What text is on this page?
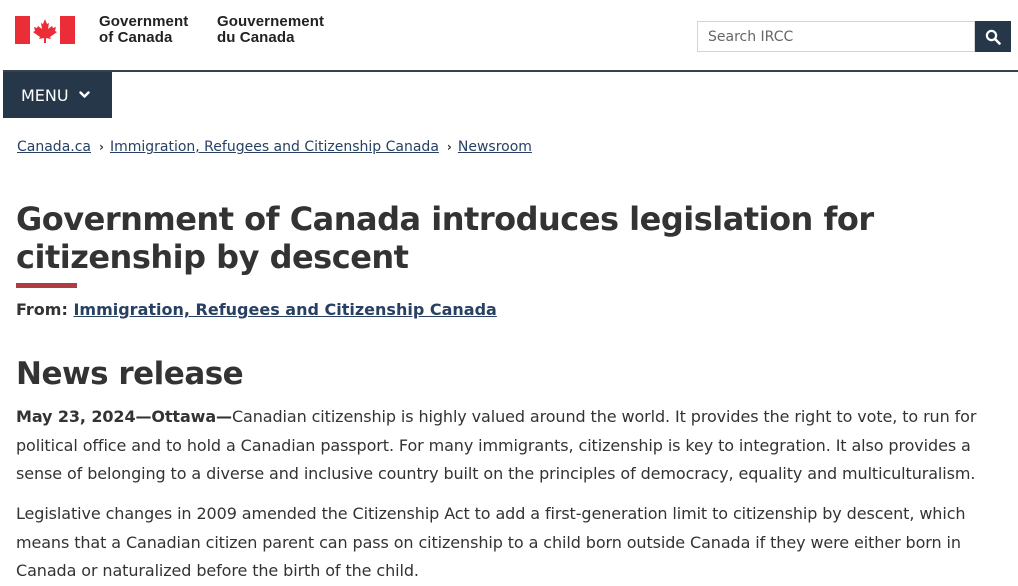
Government
of Canada
Gouvernement
du Canada
Search IRCC
MENU
Canada.ca › Immigration, Refugees and Citizenship Canada › Newsroom
Government of Canada introduces legislation for citizenship by descent
From: Immigration, Refugees and Citizenship Canada
News release

May 23, 2024—Ottawa—Canadian citizenship is highly valued around the world. It provides the right to vote, to run for political office and to hold a Canadian passport. For many immigrants, citizenship is key to integration. It also provides a sense of belonging to a diverse and inclusive country built on the principles of democracy, equality and multiculturalism.

Legislative changes in 2009 amended the Citizenship Act to add a first-generation limit to citizenship by descent, which means that a Canadian citizen parent can pass on citizenship to a child born outside Canada if they were either born in Canada or naturalized before the birth of the child.
